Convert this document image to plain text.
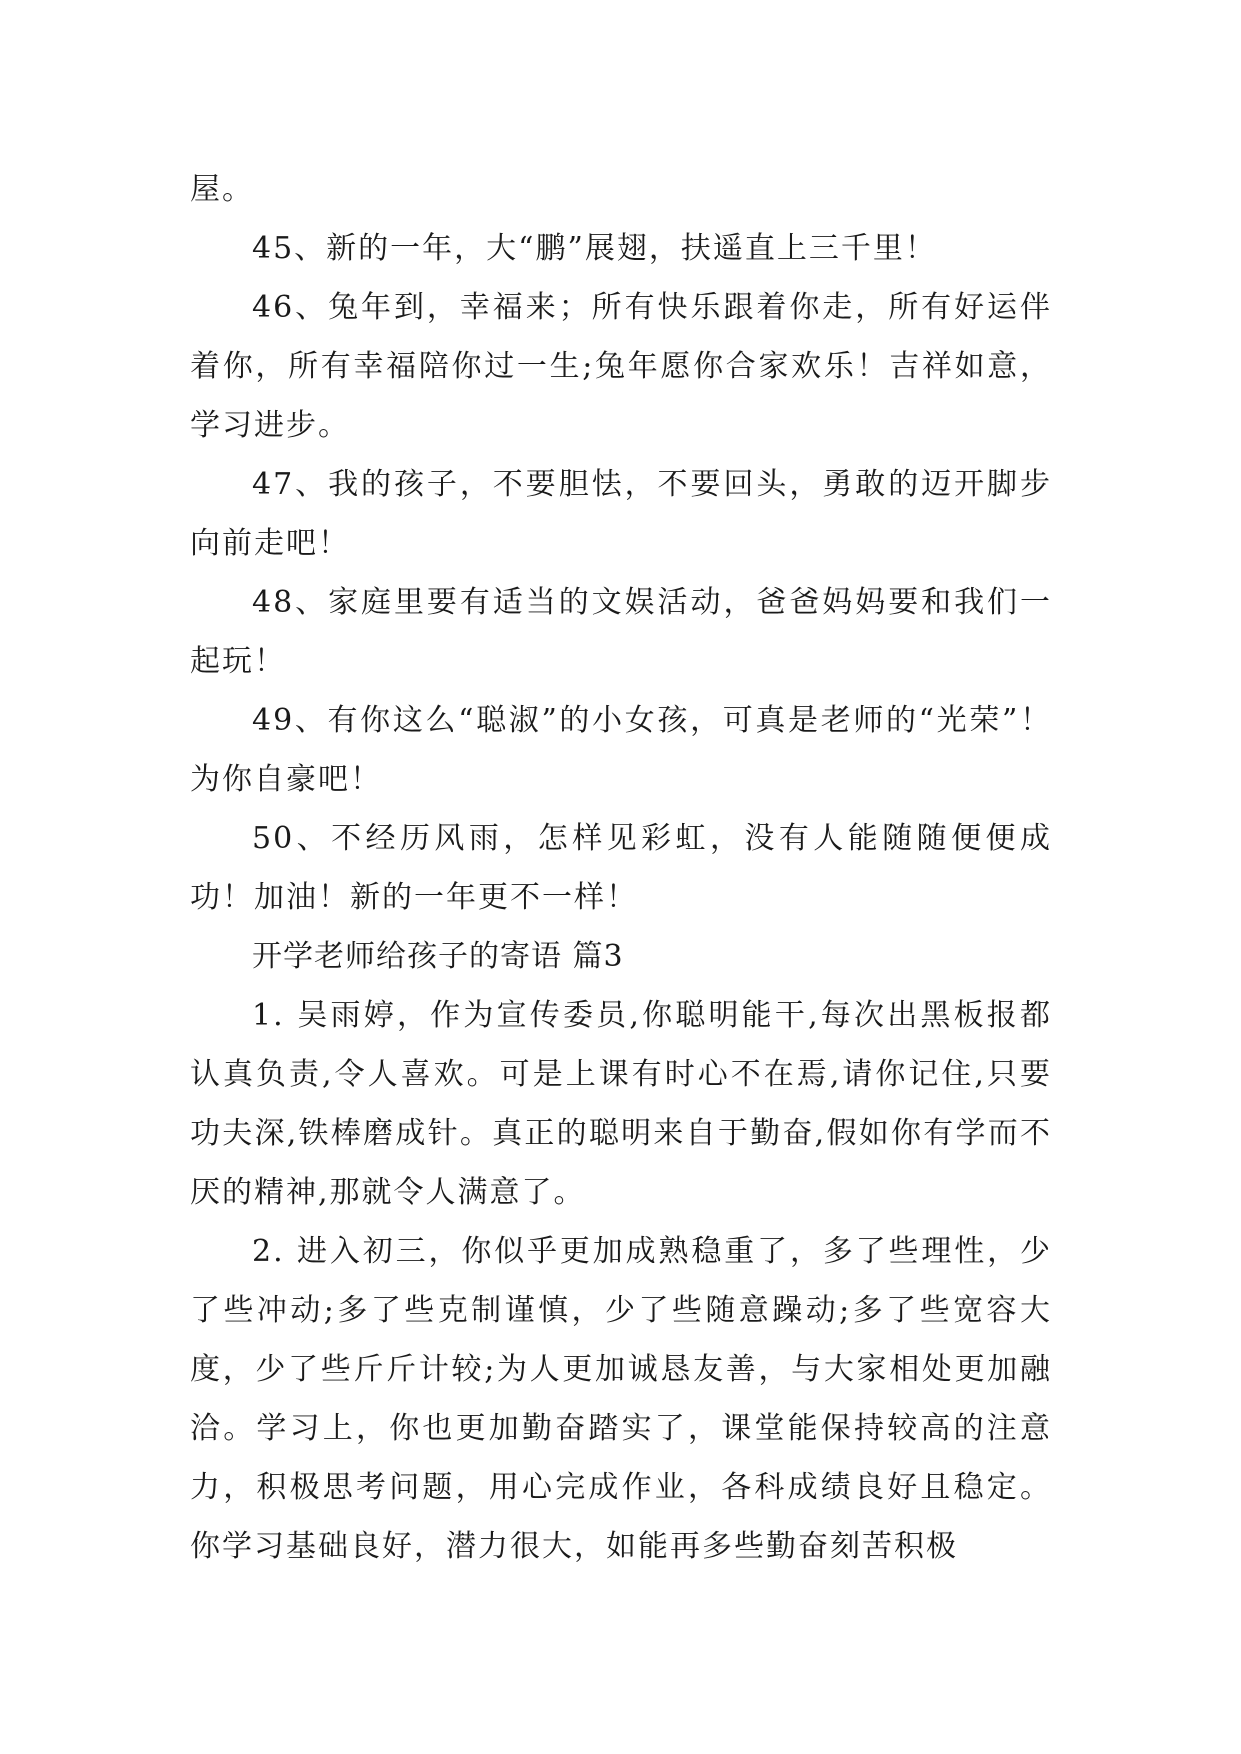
屋。

45、新的一年，大“鹏”展翅，扶遥直上三千里！

46、兔年到，幸福来；所有快乐跟着你走，所有好运伴着你，所有幸福陪你过一生;兔年愿你合家欢乐！吉祥如意，学习进步。

47、我的孩子，不要胆怯，不要回头，勇敢的迈开脚步向前走吧！

48、家庭里要有适当的文娱活动，爸爸妈妈要和我们一起玩！

49、有你这么“聪淑”的小女孩，可真是老师的“光荣”！为你自豪吧！

50、不经历风雨，怎样见彩虹，没有人能随随便便成功！加油！新的一年更不一样！

开学老师给孩子的寄语 篇3

1. 吴雨婷，作为宣传委员,你聪明能干,每次出黑板报都认真负责,令人喜欢。可是上课有时心不在焉,请你记住,只要功夫深,铁棒磨成针。真正的聪明来自于勤奋,假如你有学而不厌的精神,那就令人满意了。

2. 进入初三，你似乎更加成熟稳重了，多了些理性，少了些冲动;多了些克制谨慎，少了些随意躁动;多了些宽容大度，少了些斤斤计较;为人更加诚恳友善，与大家相处更加融洽。学习上，你也更加勤奋踏实了，课堂能保持较高的注意力，积极思考问题，用心完成作业，各科成绩良好且稳定。你学习基础良好，潜力很大，如能再多些勤奋刻苦积极
